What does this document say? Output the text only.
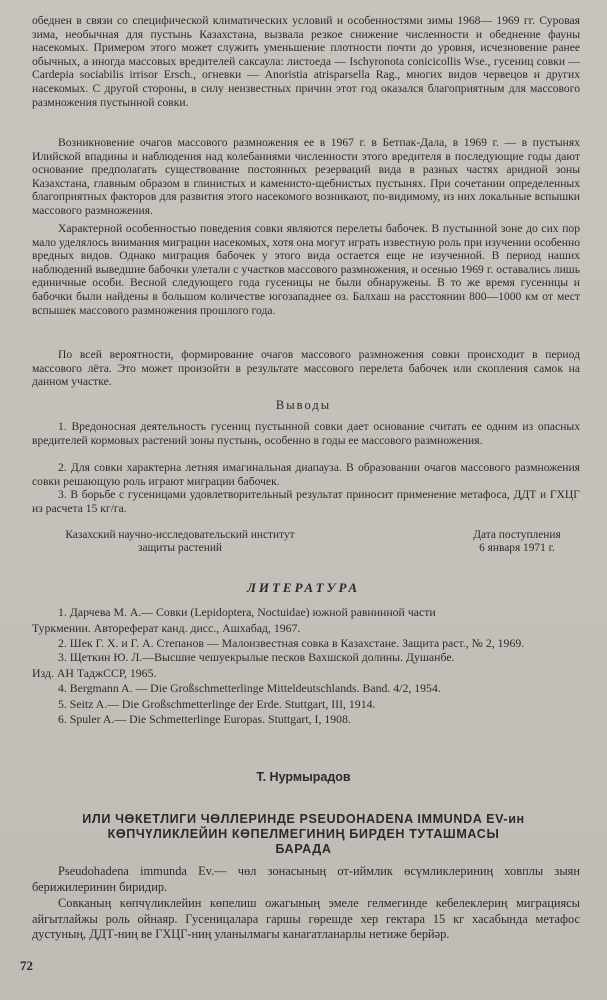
обеднен в связи со специфической климатических условий и особенностями зимы 1968— 1969 гг. Суровая зима, необычная для пустынь Казахстана, вызвала резкое снижение численности и обеднение фауны насекомых. Примером этого может служить уменьшение плотности почти до уровня, исчезновение ранее обычных, а иногда массовых вредителей саксаула: листоеда — Ischyronota conicicollis Wse., гусениц совки — Cardepia sociabilis irrisor Ersch., огневки — Anoristia atrisparsella Rag., многих видов червецов и других насекомых. С другой стороны, в силу неизвестных причин этот год оказался благоприятным для массового размножения пустынной совки.

Возникновение очагов массового размножения ее в 1967 г. в Бетпак-Дала, в 1969 г. — в пустынях Илийской впадины и наблюдения над колебаниями численности этого вредителя в последующие годы дают основание предполагать существование постоянных резерваций вида в разных частях аридной зоны Казахстана, главным образом в глинистых и каменисто-щебнистых пустынях. При сочетании определенных благоприятных факторов для развития этого насекомого возникают, по-видимому, из них локальные вспышки массового размножения.

Характерной особенностью поведения совки являются перелеты бабочек. В пустынной зоне до сих пор мало уделялось внимания миграции насекомых, хотя она могут играть известную роль при изучении особенно вредных видов. Однако миграция бабочек у этого вида остается еще не изученной. В период наших наблюдений выведшие бабочки улетали с участков массового размножения, и осенью 1969 г. оставались лишь единичные особи. Весной следующего года гусеницы не были обнаружены. В то же время гусеницы и бабочки были найдены в большом количестве югозападнее оз. Балхаш на расстоянии 800—1000 км от мест вспышек массового размножения прошлого года.

По всей вероятности, формирование очагов массового размножения совки происходит в период массового лёта. Это может произойти в результате массового перелета бабочек или скопления самок на данном участке.

Выводы

1. Вредоносная деятельность гусениц пустынной совки дает основание считать ее одним из опасных вредителей кормовых растений зоны пустынь, особенно в годы ее массового размножения.

2. Для совки характерна летняя имагинальная диапауза. В образовании очагов массового размножения совки решающую роль играют миграции бабочек.

3. В борьбе с гусеницами удовлетворительный результат приносит применение метафоса, ДДТ и ГХЦГ из расчета 15 кг/га.

Казахский научно-исследовательский институт
защиты растений
Дата поступления
6 января 1971 г.

ЛИТЕРАТУРА

1. Дарчева М. А.— Совки (Lepidoptera, Noctuidae) южной равнинной части
Туркмении. Автореферат канд. дисс., Ашхабад, 1967.
2. Шек Г. Х. и Г. А. Степанов — Малоизвестная совка в Казахстане. Защита раст., № 2, 1969.
3. Щеткин Ю. Л.—Высшие чешуекрылые песков Вахшской долины. Душанбе.
Изд. АН ТаджССР, 1965.
4. Bergmann A. — Die Großschmetterlinge Mitteldeutschlands. Band. 4/2, 1954.
5. Seitz A.— Die Großschmetterlinge der Erde. Stuttgart, III, 1914.
6. Spuler A.— Die Schmetterlinge Europas. Stuttgart, I, 1908.

Т. Нурмырадов

ИЛИ ЧӨКЕТЛИГИ ЧӨЛЛЕРИНДЕ PSEUDOHADENA IMMUNDA EV-ин
КӨПЧҮЛИКЛЕЙИН КӨПЕЛМЕГИНИҢ БИРДЕН ТУТАШМАСЫ
БАРАДА

Pseudohadena immunda Ev.— чөл зонасының от-иймлик өсүмликлериниң ховплы зыян берижилеринин биридир.

Совканың көпчүликлейин көпелиш ожагының эмеле гелмегинде кебелеклериң миграциясы айгытлайжы роль ойнаяр. Гусеницалара гаршы гөрешде хер гектара 15 кг хасабында метафос дустуның, ДДТ-ниң ве ГХЦГ-ниң уланылмагы канагатланарлы нетиже берйәр.

72
